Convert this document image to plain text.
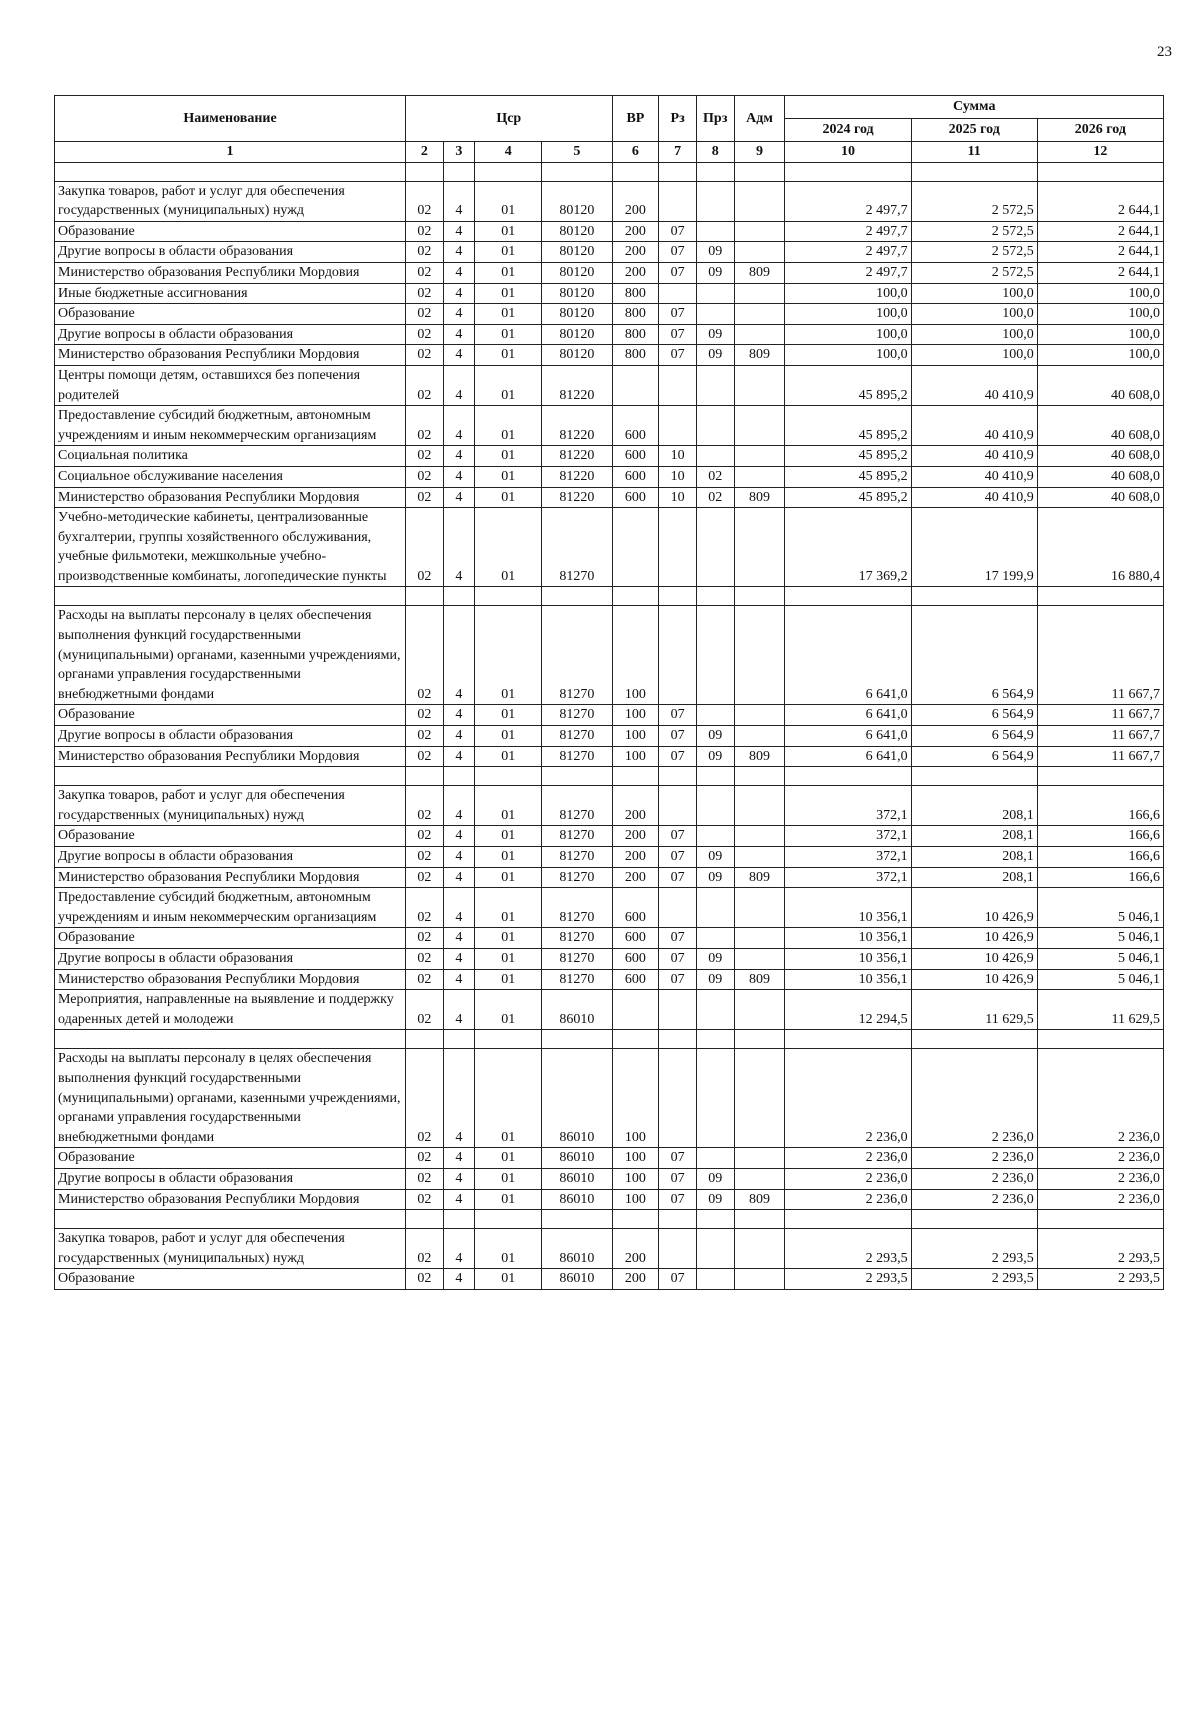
23
Наименование	Цср				ВР	Рз	Прз	Адм	Сумма		
									2024 год	2025 год	2026 год
1	2	3	4	5	6	7	8	9	10	11	12

Закупка товаров, работ и услуг для обеспечения государственных (муниципальных) нужд	02	4	01	80120	200				2 497,7	2 572,5	2 644,1
Образование	02	4	01	80120	200	07			2 497,7	2 572,5	2 644,1
Другие вопросы в области образования	02	4	01	80120	200	07	09		2 497,7	2 572,5	2 644,1
Министерство образования Республики Мордовия	02	4	01	80120	200	07	09	809	2 497,7	2 572,5	2 644,1
Иные бюджетные ассигнования	02	4	01	80120	800				100,0	100,0	100,0
Образование	02	4	01	80120	800	07			100,0	100,0	100,0
Другие вопросы в области образования	02	4	01	80120	800	07	09		100,0	100,0	100,0
Министерство образования Республики Мордовия	02	4	01	80120	800	07	09	809	100,0	100,0	100,0
Центры помощи детям, оставшихся без попечения родителей	02	4	01	81220					45 895,2	40 410,9	40 608,0
Предоставление субсидий бюджетным, автономным учреждениям и иным некоммерческим организациям	02	4	01	81220	600				45 895,2	40 410,9	40 608,0
Социальная политика	02	4	01	81220	600	10			45 895,2	40 410,9	40 608,0
Социальное обслуживание населения	02	4	01	81220	600	10	02		45 895,2	40 410,9	40 608,0
Министерство образования Республики Мордовия	02	4	01	81220	600	10	02	809	45 895,2	40 410,9	40 608,0
Учебно-методические кабинеты, централизованные бухгалтерии, группы хозяйственного обслуживания, учебные фильмотеки, межшкольные учебно-производственные комбинаты, логопедические пункты	02	4	01	81270					17 369,2	17 199,9	16 880,4

Расходы на выплаты персоналу в целях обеспечения выполнения функций государственными (муниципальными) органами, казенными учреждениями, органами управления государственными внебюджетными фондами	02	4	01	81270	100				6 641,0	6 564,9	11 667,7
Образование	02	4	01	81270	100	07			6 641,0	6 564,9	11 667,7
Другие вопросы в области образования	02	4	01	81270	100	07	09		6 641,0	6 564,9	11 667,7
Министерство образования Республики Мордовия	02	4	01	81270	100	07	09	809	6 641,0	6 564,9	11 667,7

Закупка товаров, работ и услуг для обеспечения государственных (муниципальных) нужд	02	4	01	81270	200				372,1	208,1	166,6
Образование	02	4	01	81270	200	07			372,1	208,1	166,6
Другие вопросы в области образования	02	4	01	81270	200	07	09		372,1	208,1	166,6
Министерство образования Республики Мордовия	02	4	01	81270	200	07	09	809	372,1	208,1	166,6
Предоставление субсидий бюджетным, автономным учреждениям и иным некоммерческим организациям	02	4	01	81270	600				10 356,1	10 426,9	5 046,1
Образование	02	4	01	81270	600	07			10 356,1	10 426,9	5 046,1
Другие вопросы в области образования	02	4	01	81270	600	07	09		10 356,1	10 426,9	5 046,1
Министерство образования Республики Мордовия	02	4	01	81270	600	07	09	809	10 356,1	10 426,9	5 046,1
Мероприятия, направленные на выявление и поддержку одаренных детей и молодежи	02	4	01	86010					12 294,5	11 629,5	11 629,5

Расходы на выплаты персоналу в целях обеспечения выполнения функций государственными (муниципальными) органами, казенными учреждениями, органами управления государственными внебюджетными фондами	02	4	01	86010	100				2 236,0	2 236,0	2 236,0
Образование	02	4	01	86010	100	07			2 236,0	2 236,0	2 236,0
Другие вопросы в области образования	02	4	01	86010	100	07	09		2 236,0	2 236,0	2 236,0
Министерство образования Республики Мордовия	02	4	01	86010	100	07	09	809	2 236,0	2 236,0	2 236,0

Закупка товаров, работ и услуг для обеспечения государственных (муниципальных) нужд	02	4	01	86010	200				2 293,5	2 293,5	2 293,5
Образование	02	4	01	86010	200	07			2 293,5	2 293,5	2 293,5
